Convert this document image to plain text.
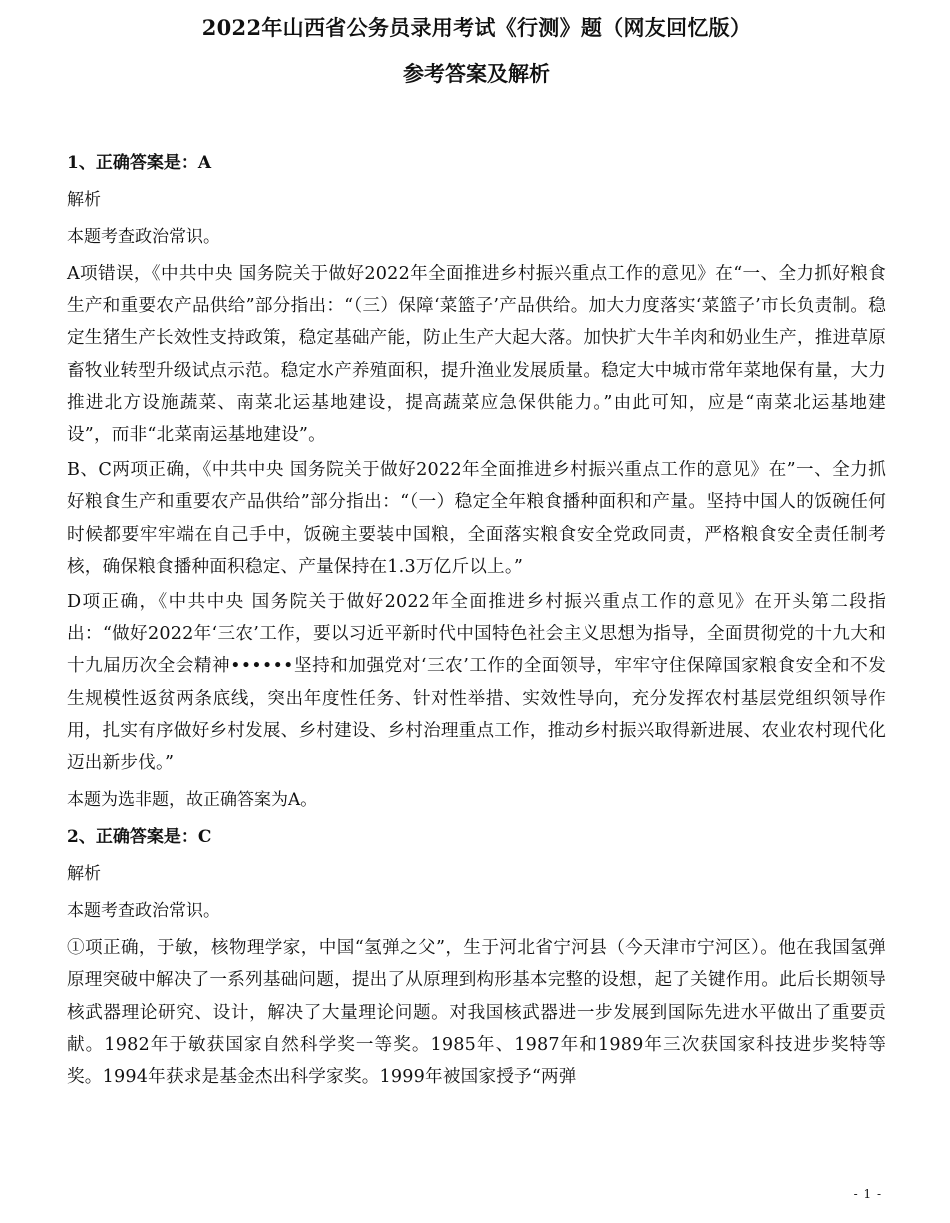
2022年山西省公务员录用考试《行测》题（网友回忆版）
参考答案及解析

1、正确答案是：A

解析

本题考查政治常识。

A项错误，《中共中央 国务院关于做好2022年全面推进乡村振兴重点工作的意见》在“一、全力抓好粮食生产和重要农产品供给”部分指出：“（三）保障‘菜篮子’产品供给。加大力度落实‘菜篮子’市长负责制。稳定生猪生产长效性支持政策，稳定基础产能，防止生产大起大落。加快扩大牛羊肉和奶业生产，推进草原畜牧业转型升级试点示范。稳定水产养殖面积，提升渔业发展质量。稳定大中城市常年菜地保有量，大力推进北方设施蔬菜、南菜北运基地建设，提高蔬菜应急保供能力。”由此可知，应是“南菜北运基地建设”，而非“北菜南运基地建设”。

B、C两项正确，《中共中央 国务院关于做好2022年全面推进乡村振兴重点工作的意见》在”一、全力抓好粮食生产和重要农产品供给”部分指出：“（一）稳定全年粮食播种面积和产量。坚持中国人的饭碗任何时候都要牢牢端在自己手中，饭碗主要装中国粮，全面落实粮食安全党政同责，严格粮食安全责任制考核，确保粮食播种面积稳定、产量保持在1.3万亿斤以上。”

D项正确，《中共中央 国务院关于做好2022年全面推进乡村振兴重点工作的意见》在开头第二段指出：“做好2022年‘三农’工作，要以习近平新时代中国特色社会主义思想为指导，全面贯彻党的十九大和十九届历次全会精神••••••坚持和加强党对‘三农’工作的全面领导，牢牢守住保障国家粮食安全和不发生规模性返贫两条底线，突出年度性任务、针对性举措、实效性导向，充分发挥农村基层党组织领导作用，扎实有序做好乡村发展、乡村建设、乡村治理重点工作，推动乡村振兴取得新进展、农业农村现代化迈出新步伐。”

本题为选非题，故正确答案为A。

2、正确答案是：C

解析

本题考查政治常识。

①项正确，于敏，核物理学家，中国“氢弹之父”，生于河北省宁河县（今天津市宁河区）。他在我国氢弹原理突破中解决了一系列基础问题，提出了从原理到构形基本完整的设想，起了关键作用。此后长期领导核武器理论研究、设计，解决了大量理论问题。对我国核武器进一步发展到国际先进水平做出了重要贡献。1982年于敏获国家自然科学奖一等奖。1985年、1987年和1989年三次获国家科技进步奖特等奖。1994年获求是基金杰出科学家奖。1999年被国家授予“两弹

- 1 -
